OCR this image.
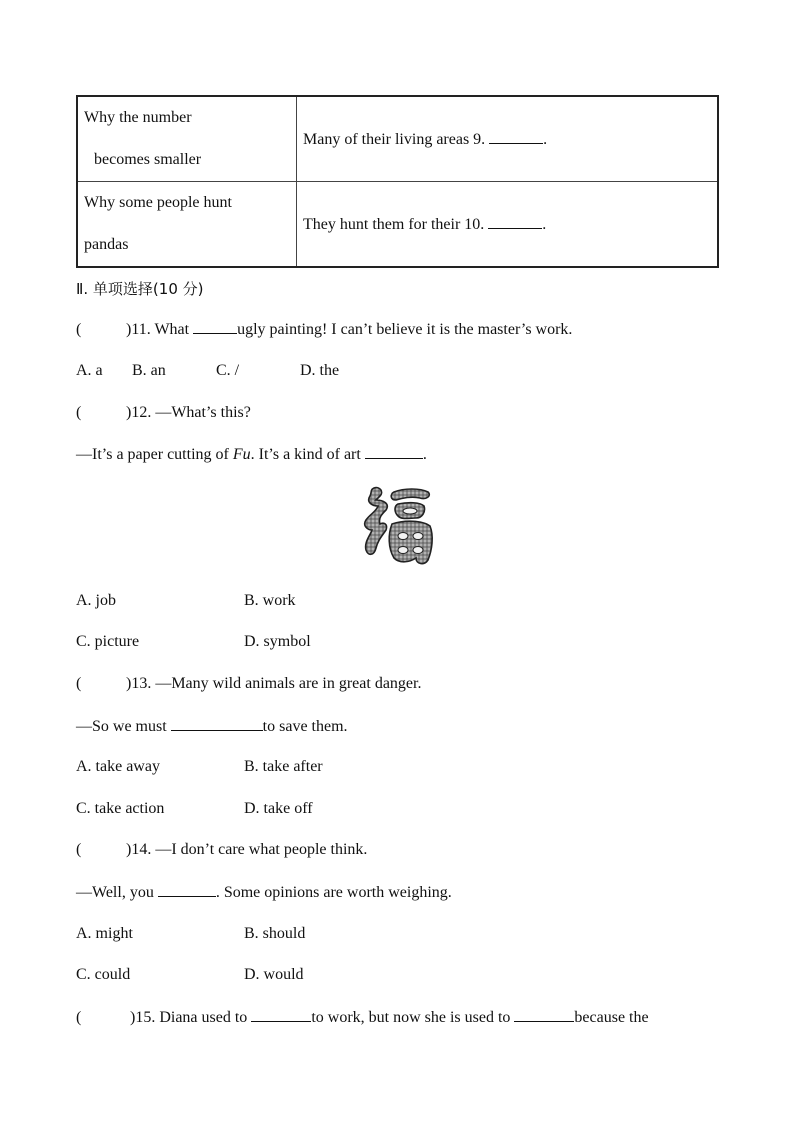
Why the number
becomes smaller	Many of their living areas 9. .

Why some people hunt
pandas	They hunt them for their 10. .
Ⅱ. 单项选择(10 分)
(	)11. What	ugly painting! I can’t believe it is the master’s work.
A. a B. an	C. /	D. the
(	)12. —What’s this?
—It’s a paper cutting of Fu. It’s a kind of art	.
A. job	B. work
C. picture	D. symbol
(	)13. —Many wild animals are in great danger.
—So we must	to save them.
A. take away	B. take after
C. take action	D. take off
(	)14. —I don’t care what people think.
—Well, you	. Some opinions are worth weighing.
A. might	B. should
C. could	D. would
(	)15. Diana used to	to work, but now she is used to	because the
